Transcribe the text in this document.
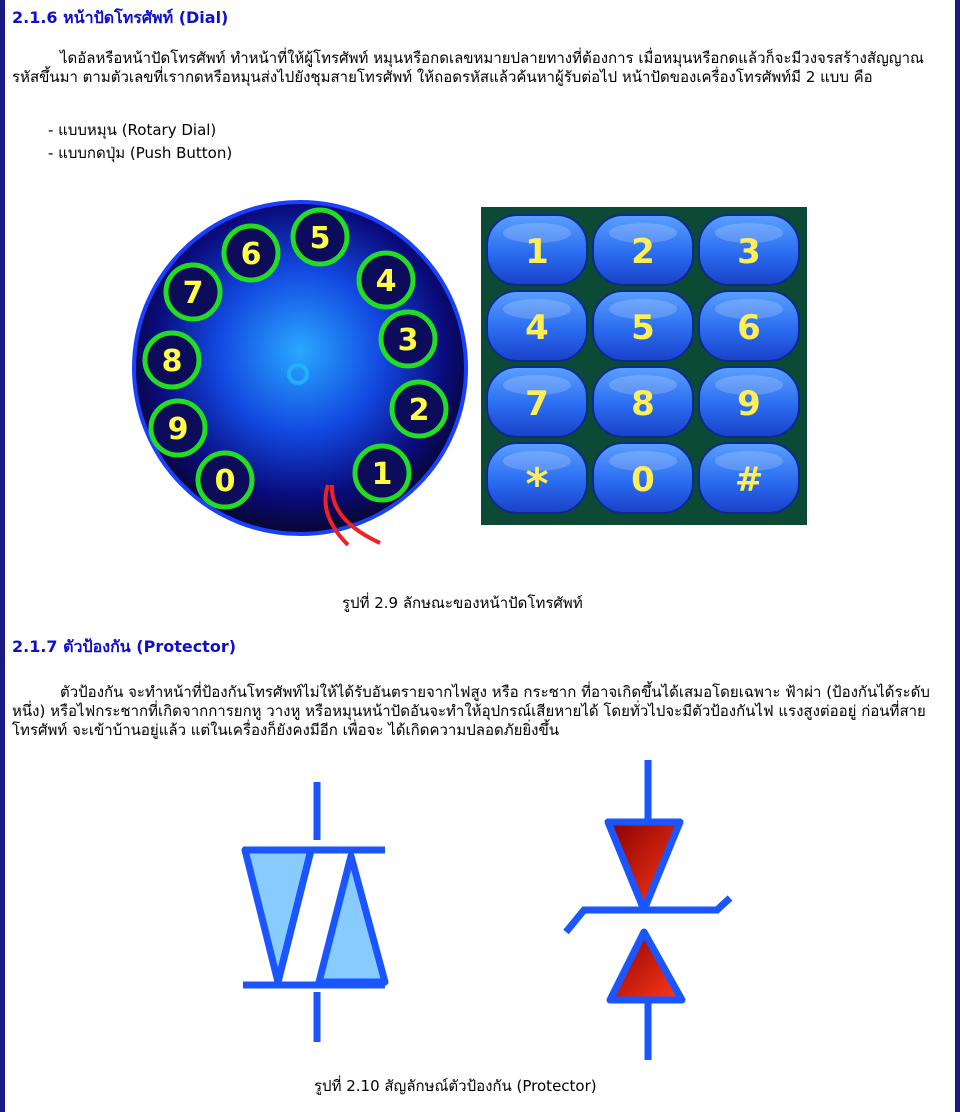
2.1.6 หน้าปัดโทรศัพท์ (Dial)

ไดอัลหรือหน้าปัดโทรศัพท์ ทำหน้าที่ให้ผู้โทรศัพท์ หมุนหรือกดเลขหมายปลายทางที่ต้องการ เมื่อหมุนหรือกดแล้วก็จะมีวงจรสร้างสัญญาณรหัสขึ้นมา ตามตัวเลขที่เรากดหรือหมุนส่งไปยังชุมสายโทรศัพท์ ให้ถอดรหัสแล้วค้นหาผู้รับต่อไป หน้าปัดของเครื่องโทรศัพท์มี 2 แบบ คือ

- แบบหมุน (Rotary Dial)
- แบบกดปุ่ม (Push Button)
รูปที่ 2.9 ลักษณะของหน้าปัดโทรศัพท์
2.1.7 ตัวป้องกัน (Protector)

ตัวป้องกัน จะทำหน้าที่ป้องกันโทรศัพท์ไม่ให้ได้รับอันตรายจากไฟสูง หรือ กระชาก ที่อาจเกิดขึ้นได้เสมอโดยเฉพาะ ฟ้าผ่า (ป้องกันได้ระดับหนึ่ง) หรือไฟกระชากที่เกิดจากการยกหู วางหู หรือหมุนหน้าปัดอันจะทำให้อุปกรณ์เสียหายได้ โดยทั่วไปจะมีตัวป้องกันไฟ แรงสูงต่ออยู่ ก่อนที่สายโทรศัพท์ จะเข้าบ้านอยู่แล้ว แต่ในเครื่องก็ยังคงมีอีก เพื่อจะ ได้เกิดความปลอดภัยยิ่งขึ้น

รูปที่ 2.10 สัญลักษณ์ตัวป้องกัน (Protector)
1
2
3
4
5
6
7
8
9
0
1 2 3
4 5 6
7 8 9
* 0 #
